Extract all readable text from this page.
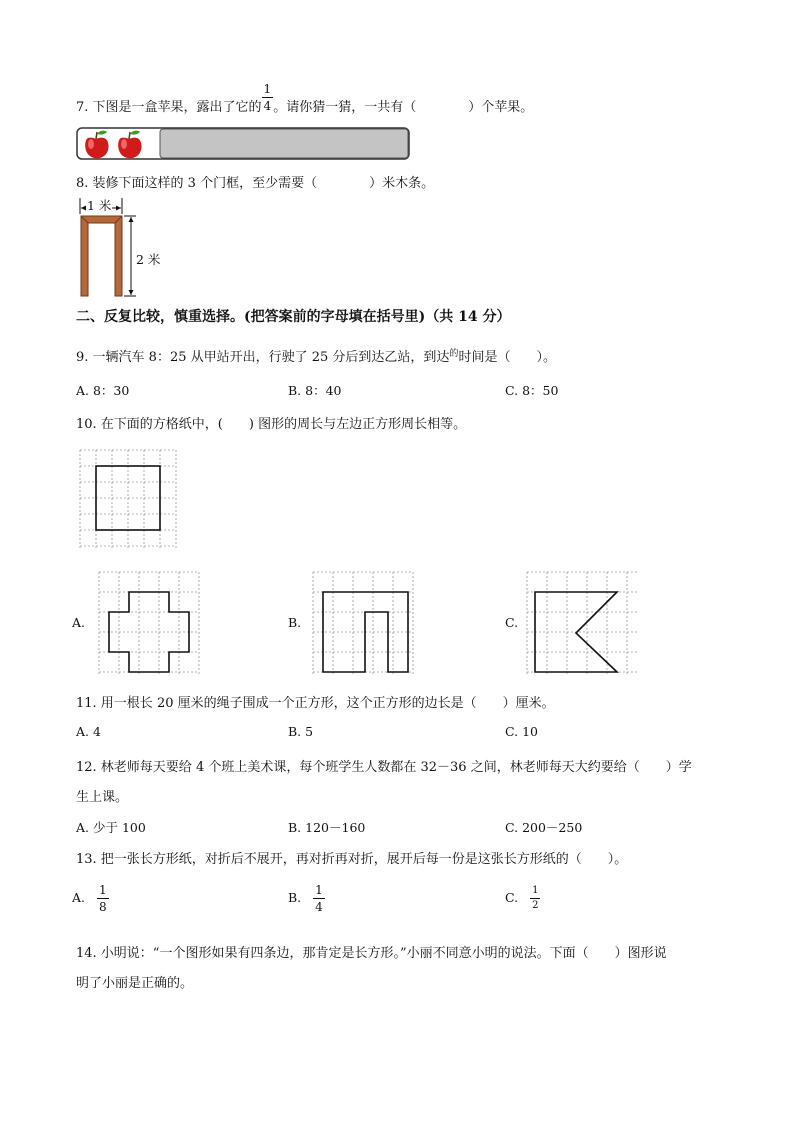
7. 下图是一盒苹果，露出了它的 $\frac{1}{4}$ 。请你猜一猜，一共有（　　　　）个苹果。
8. 装修下面这样的 3 个门框，至少需要（　　　　）米木条。
1 米
2 米
二、反复比较，慎重选择。(把答案前的字母填在括号里)（共 14 分）
9. 一辆汽车 8：25 从甲站开出，行驶了 25 分后到达乙站，到达$^的$时间是（　　）。
A. 8：30	B. 8：40	C. 8：50
10. 在下面的方格纸中，(　　) 图形的周长与左边正方形周长相等。
A.	B.	C.
11. 用一根长 20 厘米的绳子围成一个正方形，这个正方形的边长是（　　）厘米。
A. 4	B. 5	C. 10
12. 林老师每天要给 4 个班上美术课，每个班学生人数都在 32－36 之间，林老师每天大约要给（　　）学
生上课。
A. 少于 100	B. 120－160	C. 200－250
13. 把一张长方形纸，对折后不展开，再对折再对折，展开后每一份是这张长方形纸的（　　）。
A. $\frac{1}{8}$	B. $\frac{1}{4}$	C. $\frac{1}{2}$
14. 小明说：“一个图形如果有四条边，那肯定是长方形。”小丽不同意小明的说法。下面（　　）图形说
明了小丽是正确的。
